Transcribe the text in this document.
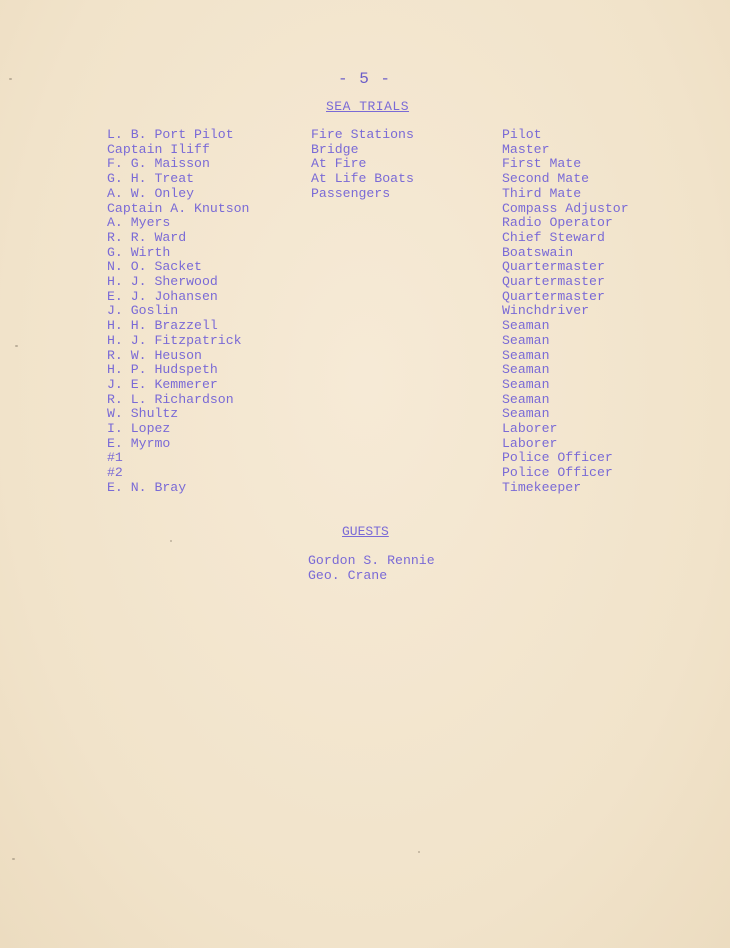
- 5 -
SEA TRIALS
L. B. Port Pilot
Captain Iliff
F. G. Maisson
G. H. Treat
A. W. Onley
Captain A. Knutson
A. Myers
R. R. Ward
G. Wirth
N. O. Sacket
H. J. Sherwood
E. J. Johansen
J. Goslin
H. H. Brazzell
H. J. Fitzpatrick
R. W. Heuson
H. P. Hudspeth
J. E. Kemmerer
R. L. Richardson
W. Shultz
I. Lopez
E. Myrmo
#1
#2
E. N. Bray
Fire Stations
Bridge
At Fire
At Life Boats
Passengers
Pilot
Master
First Mate
Second Mate
Third Mate
Compass Adjustor
Radio Operator
Chief Steward
Boatswain
Quartermaster
Quartermaster
Quartermaster
Winchdriver
Seaman
Seaman
Seaman
Seaman
Seaman
Seaman
Seaman
Laborer
Laborer
Police Officer
Police Officer
Timekeeper
GUESTS
Gordon S. Rennie
Geo. Crane
